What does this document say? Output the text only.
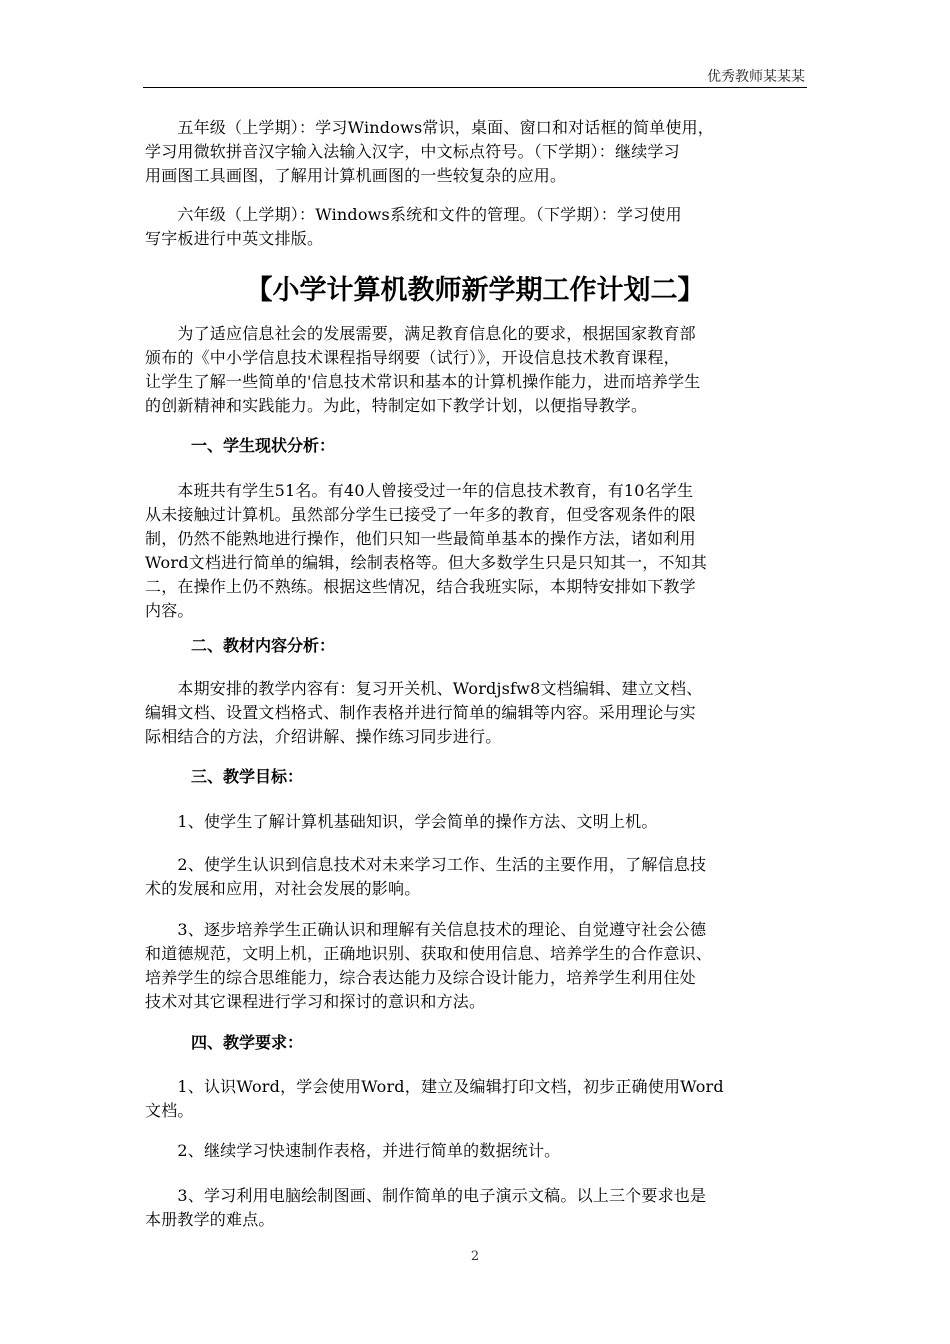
优秀教师某某某
　　五年级（上学期）：学习Windows常识，桌面、窗口和对话框的简单使用，
学习用微软拼音汉字输入法输入汉字，中文标点符号。（下学期）：继续学习
用画图工具画图，了解用计算机画图的一些较复杂的应用。
　　六年级（上学期）：Windows系统和文件的管理。（下学期）：学习使用
写字板进行中英文排版。
【小学计算机教师新学期工作计划二】
　　为了适应信息社会的发展需要，满足教育信息化的要求，根据国家教育部
颁布的《中小学信息技术课程指导纲要（试行）》，开设信息技术教育课程，
让学生了解一些简单的'信息技术常识和基本的计算机操作能力，进而培养学生
的创新精神和实践能力。为此，特制定如下教学计划，以便指导教学。
一、学生现状分析：
　　本班共有学生51名。有40人曾接受过一年的信息技术教育，有10名学生
从未接触过计算机。虽然部分学生已接受了一年多的教育，但受客观条件的限
制，仍然不能熟地进行操作，他们只知一些最简单基本的操作方法，诸如利用
Word文档进行简单的编辑，绘制表格等。但大多数学生只是只知其一，不知其
二，在操作上仍不熟练。根据这些情况，结合我班实际，本期特安排如下教学
内容。
二、教材内容分析：
　　本期安排的教学内容有：复习开关机、Wordjsfw8文档编辑、建立文档、
编辑文档、设置文档格式、制作表格并进行简单的编辑等内容。采用理论与实
际相结合的方法，介绍讲解、操作练习同步进行。
三、教学目标：
　　1、使学生了解计算机基础知识，学会简单的操作方法、文明上机。
　　2、使学生认识到信息技术对未来学习工作、生活的主要作用，了解信息技
术的发展和应用，对社会发展的影响。
　　3、逐步培养学生正确认识和理解有关信息技术的理论、自觉遵守社会公德
和道德规范，文明上机，正确地识别、获取和使用信息、培养学生的合作意识、
培养学生的综合思维能力，综合表达能力及综合设计能力，培养学生利用住处
技术对其它课程进行学习和探讨的意识和方法。
四、教学要求：
　　1、认识Word，学会使用Word，建立及编辑打印文档，初步正确使用Word
文档。
　　2、继续学习快速制作表格，并进行简单的数据统计。
　　3、学习利用电脑绘制图画、制作简单的电子演示文稿。以上三个要求也是
本册教学的难点。
2
